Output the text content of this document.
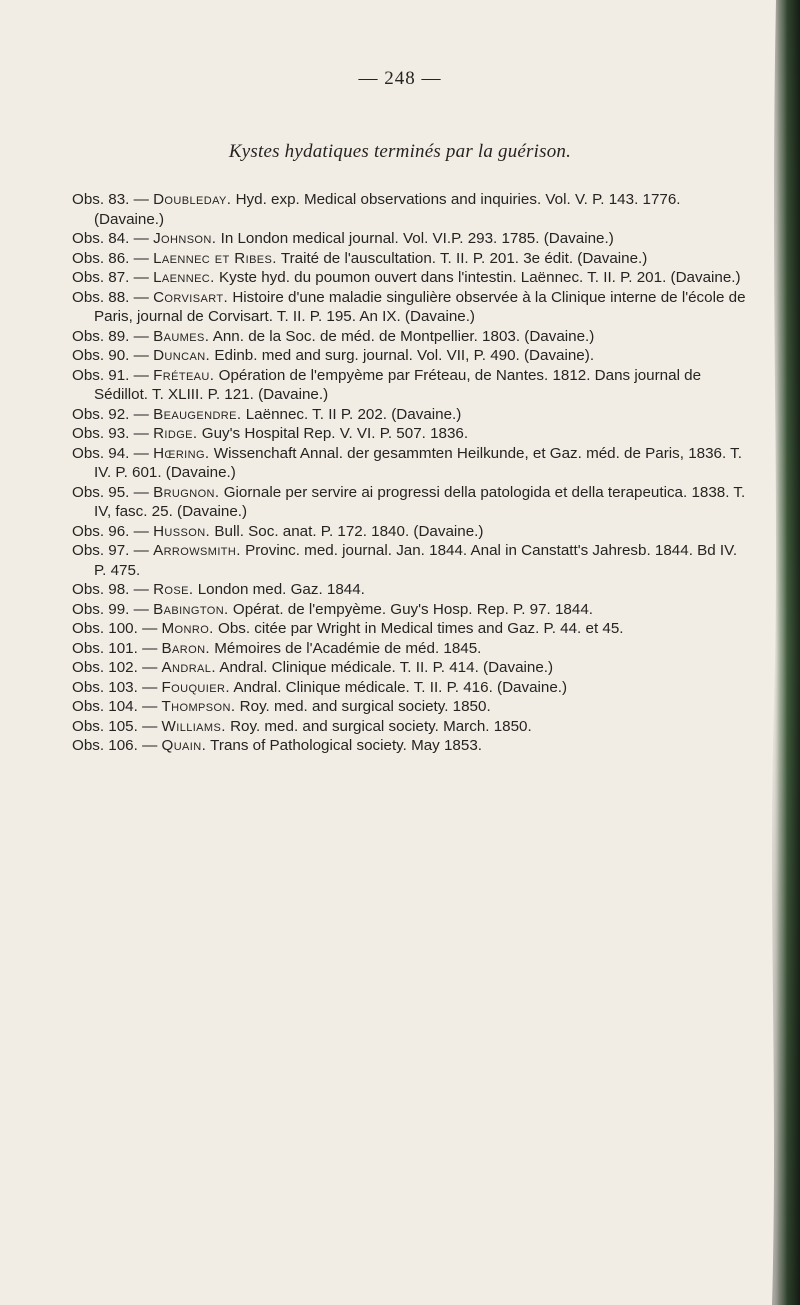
— 248 —
Kystes hydatiques terminés par la guérison.

Obs. 83. — Doubleday. Hyd. exp. Medical observations and inquiries. Vol. V. P. 143. 1776. (Davaine.)

Obs. 84. — Johnson. In London medical journal. Vol. VI.P. 293. 1785. (Davaine.)

Obs. 86. — Laennec et Ribes. Traité de l'auscultation. T. II. P. 201. 3e édit. (Davaine.)

Obs. 87. — Laennec. Kyste hyd. du poumon ouvert dans l'intestin. Laënnec. T. II. P. 201. (Davaine.)

Obs. 88. — Corvisart. Histoire d'une maladie singulière observée à la Clinique interne de l'école de Paris, journal de Corvisart. T. II. P. 195. An IX. (Davaine.)

Obs. 89. — Baumes. Ann. de la Soc. de méd. de Montpellier. 1803. (Davaine.)

Obs. 90. — Duncan. Edinb. med and surg. journal. Vol. VII, P. 490. (Davaine).

Obs. 91. — Fréteau. Opération de l'empyème par Fréteau, de Nantes. 1812. Dans journal de Sédillot. T. XLIII. P. 121. (Davaine.)

Obs. 92. — Beaugendre. Laënnec. T. II P. 202. (Davaine.)

Obs. 93. — Ridge. Guy's Hospital Rep. V. VI. P. 507. 1836.

Obs. 94. — Hœring. Wissenchaft Annal. der gesammten Heilkunde, et Gaz. méd. de Paris, 1836. T. IV. P. 601. (Davaine.)

Obs. 95. — Brugnon. Giornale per servire ai progressi della patologida et della terapeutica. 1838. T. IV, fasc. 25. (Davaine.)

Obs. 96. — Husson. Bull. Soc. anat. P. 172. 1840. (Davaine.)

Obs. 97. — Arrowsmith. Provinc. med. journal. Jan. 1844. Anal in Canstatt's Jahresb. 1844. Bd IV. P. 475.

Obs. 98. — Rose. London med. Gaz. 1844.

Obs. 99. — Babington. Opérat. de l'empyème. Guy's Hosp. Rep. P. 97. 1844.

Obs. 100. — Monro. Obs. citée par Wright in Medical times and Gaz. P. 44. et 45.

Obs. 101. — Baron. Mémoires de l'Académie de méd. 1845.

Obs. 102. — Andral. Andral. Clinique médicale. T. II. P. 414. (Davaine.)

Obs. 103. — Fouquier. Andral. Clinique médicale. T. II. P. 416. (Davaine.)

Obs. 104. — Thompson. Roy. med. and surgical society. 1850.

Obs. 105. — Williams. Roy. med. and surgical society. March. 1850.

Obs. 106. — Quain. Trans of Pathological society. May 1853.
